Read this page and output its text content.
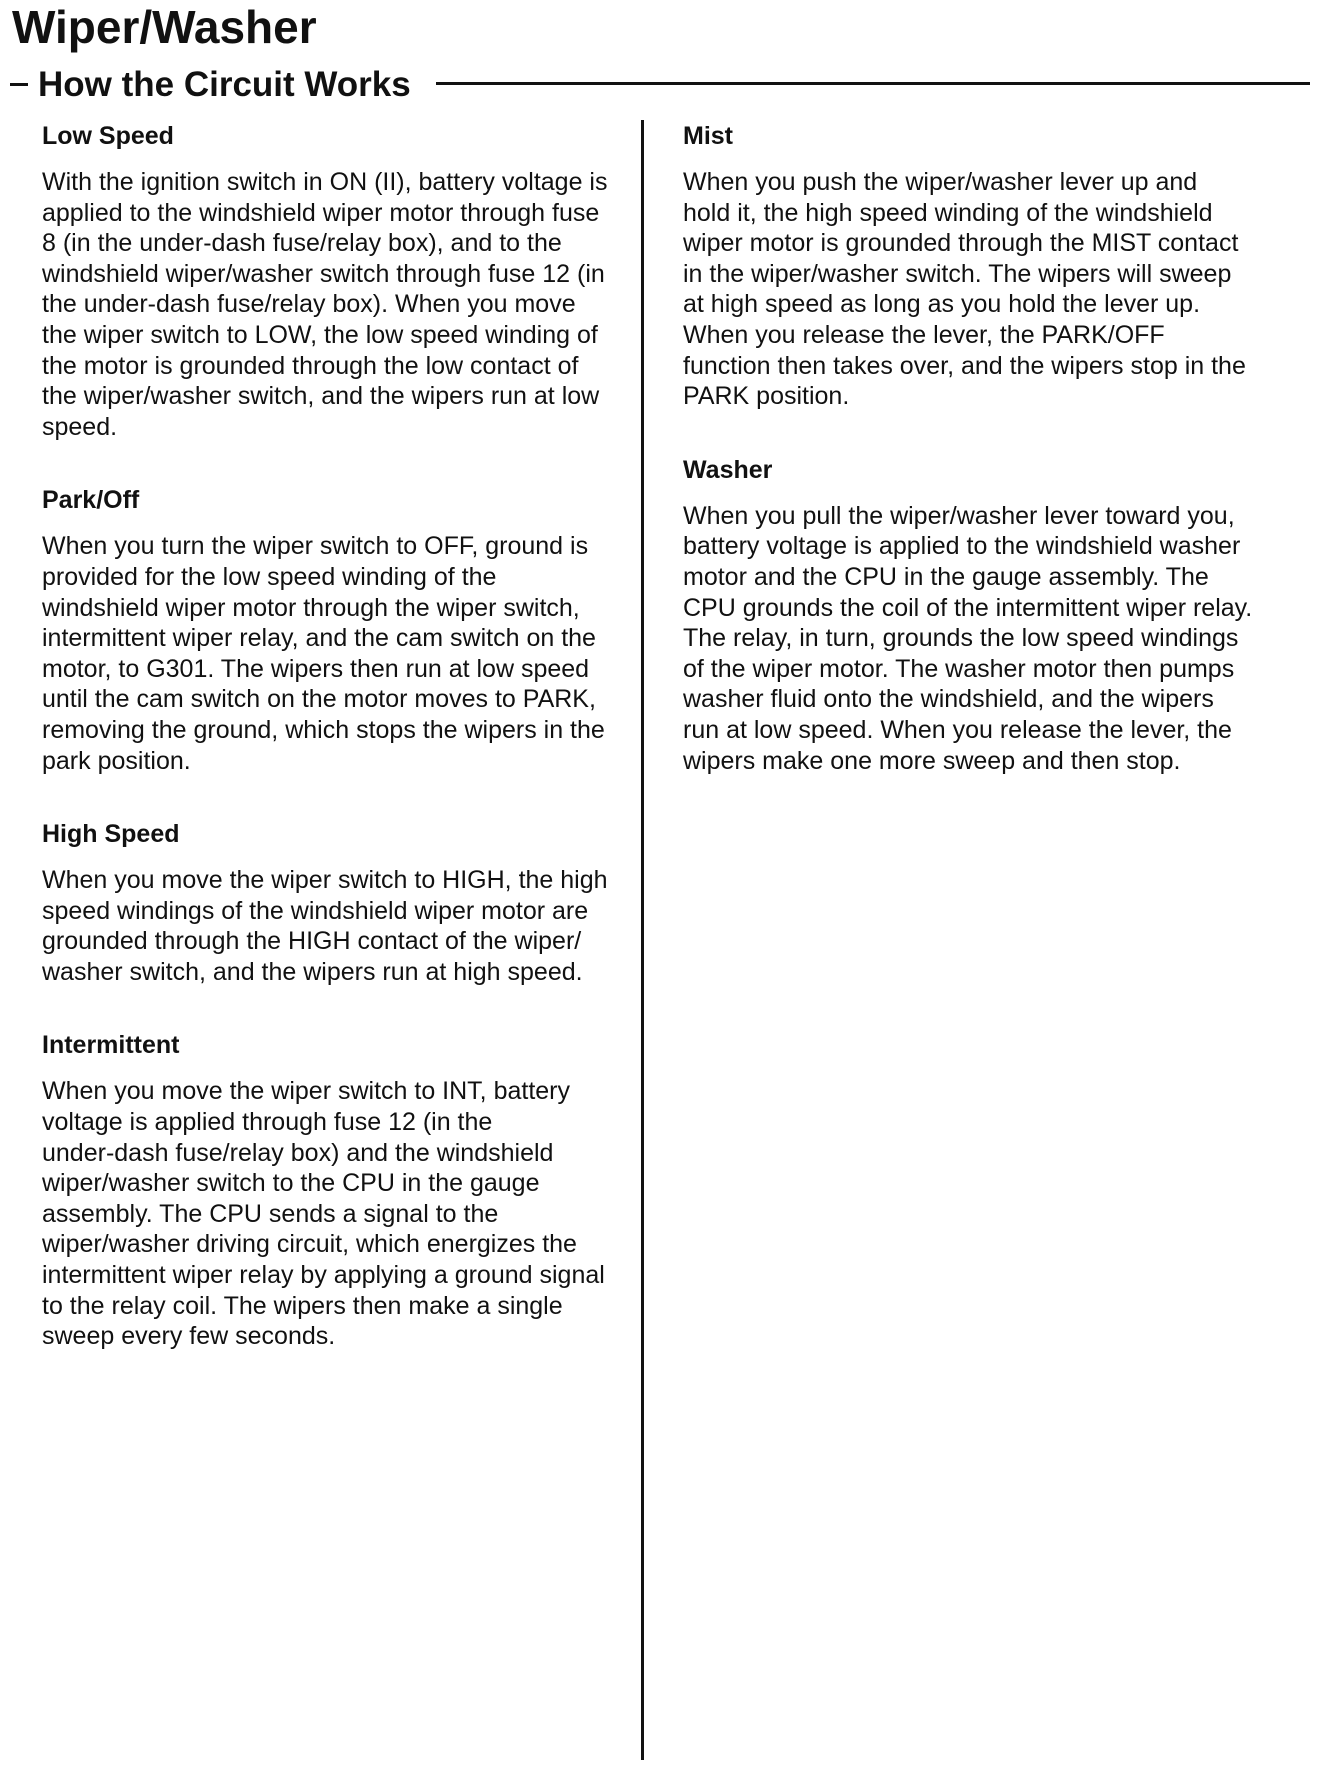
Wiper/Washer
How the Circuit Works
Low Speed

With the ignition switch in ON (II), battery voltage is
applied to the windshield wiper motor through fuse
8 (in the under-dash fuse/relay box), and to the
windshield wiper/washer switch through fuse 12 (in
the under-dash fuse/relay box). When you move
the wiper switch to LOW, the low speed winding of
the motor is grounded through the low contact of
the wiper/washer switch, and the wipers run at low
speed.

Park/Off

When you turn the wiper switch to OFF, ground is
provided for the low speed winding of the
windshield wiper motor through the wiper switch,
intermittent wiper relay, and the cam switch on the
motor, to G301. The wipers then run at low speed
until the cam switch on the motor moves to PARK,
removing the ground, which stops the wipers in the
park position.

High Speed

When you move the wiper switch to HIGH, the high
speed windings of the windshield wiper motor are
grounded through the HIGH contact of the wiper/
washer switch, and the wipers run at high speed.

Intermittent

When you move the wiper switch to INT, battery
voltage is applied through fuse 12 (in the
under-dash fuse/relay box) and the windshield
wiper/washer switch to the CPU in the gauge
assembly. The CPU sends a signal to the
wiper/washer driving circuit, which energizes the
intermittent wiper relay by applying a ground signal
to the relay coil. The wipers then make a single
sweep every few seconds.

Mist

When you push the wiper/washer lever up and
hold it, the high speed winding of the windshield
wiper motor is grounded through the MIST contact
in the wiper/washer switch. The wipers will sweep
at high speed as long as you hold the lever up.
When you release the lever, the PARK/OFF
function then takes over, and the wipers stop in the
PARK position.

Washer

When you pull the wiper/washer lever toward you,
battery voltage is applied to the windshield washer
motor and the CPU in the gauge assembly. The
CPU grounds the coil of the intermittent wiper relay.
The relay, in turn, grounds the low speed windings
of the wiper motor. The washer motor then pumps
washer fluid onto the windshield, and the wipers
run at low speed. When you release the lever, the
wipers make one more sweep and then stop.
